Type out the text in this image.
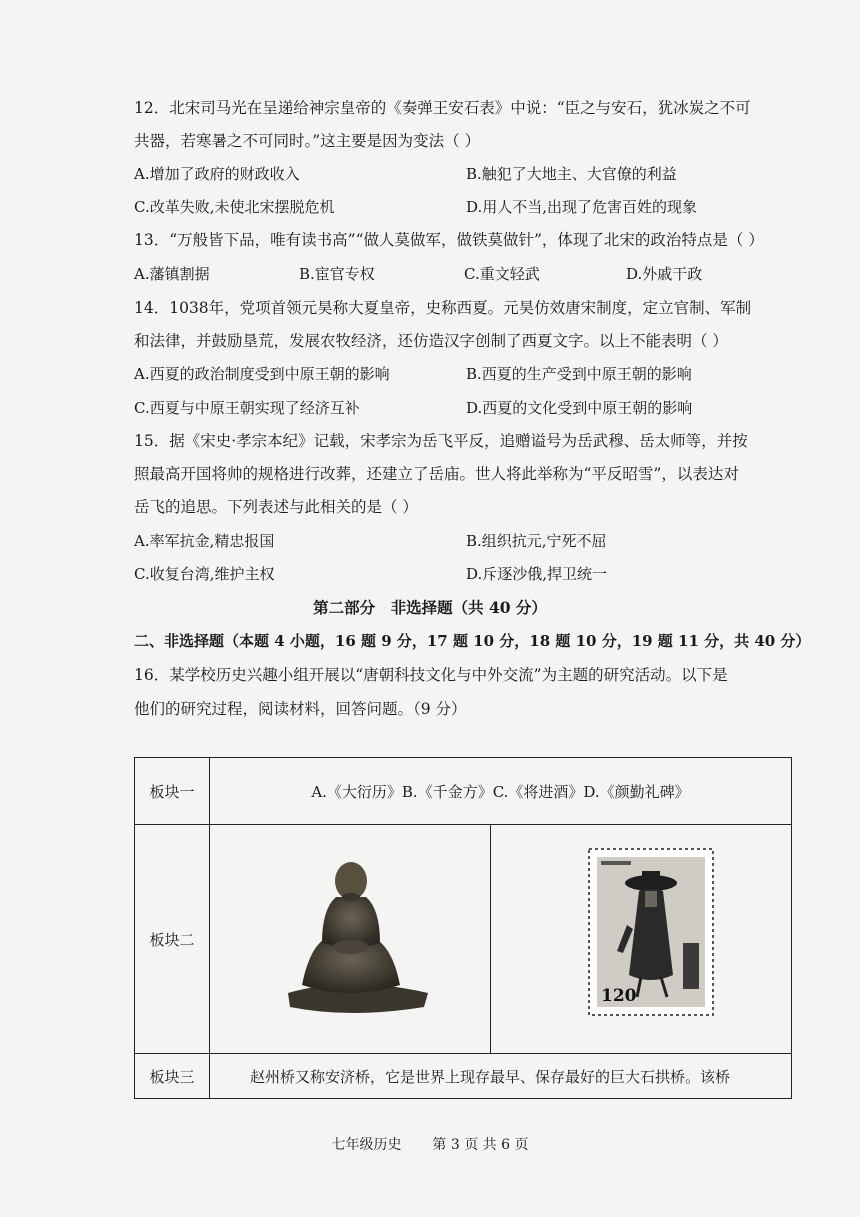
12．北宋司马光在呈递给神宗皇帝的《奏弹王安石表》中说：“臣之与安石，犹冰炭之不可
共器，若寒暑之不可同时。”这主要是因为变法（ ）
A.增加了政府的财政收入	B.触犯了大地主、大官僚的利益
C.改革失败,未使北宋摆脱危机	D.用人不当,出现了危害百姓的现象
13．“万般皆下品，唯有读书高”“做人莫做军，做铁莫做针”，体现了北宋的政治特点是（ ）
A.藩镇割据	B.宦官专权	C.重文轻武	D.外戚干政
14．1038年，党项首领元昊称大夏皇帝，史称西夏。元昊仿效唐宋制度，定立官制、军制
和法律，并鼓励垦荒，发展农牧经济，还仿造汉字创制了西夏文字。以上不能表明（ ）
A.西夏的政治制度受到中原王朝的影响	B.西夏的生产受到中原王朝的影响
C.西夏与中原王朝实现了经济互补	D.西夏的文化受到中原王朝的影响
15．据《宋史·孝宗本纪》记载，宋孝宗为岳飞平反，追赠谥号为岳武穆、岳太师等，并按
照最高开国将帅的规格进行改葬，还建立了岳庙。世人将此举称为“平反昭雪”，以表达对
岳飞的追思。下列表述与此相关的是（ ）
A.率军抗金,精忠报国	B.组织抗元,宁死不屈
C.收复台湾,维护主权	D.斥逐沙俄,捍卫统一
第二部分　非选择题（共 40 分）
二、非选择题（本题 4 小题，16 题 9 分，17 题 10 分，18 题 10 分，19 题 11 分，共 40 分）
16．某学校历史兴趣小组开展以“唐朝科技文化与中外交流”为主题的研究活动。以下是
他们的研究过程，阅读材料，回答问题。（9 分）
板块一	A.《大衍历》B.《千金方》C.《将进酒》D.《颜勤礼碑》	
板块二		120

板块三	赵州桥又称安济桥，它是世界上现存最早、保存最好的巨大石拱桥。该桥	
七年级历史 第 3 页 共 6 页
